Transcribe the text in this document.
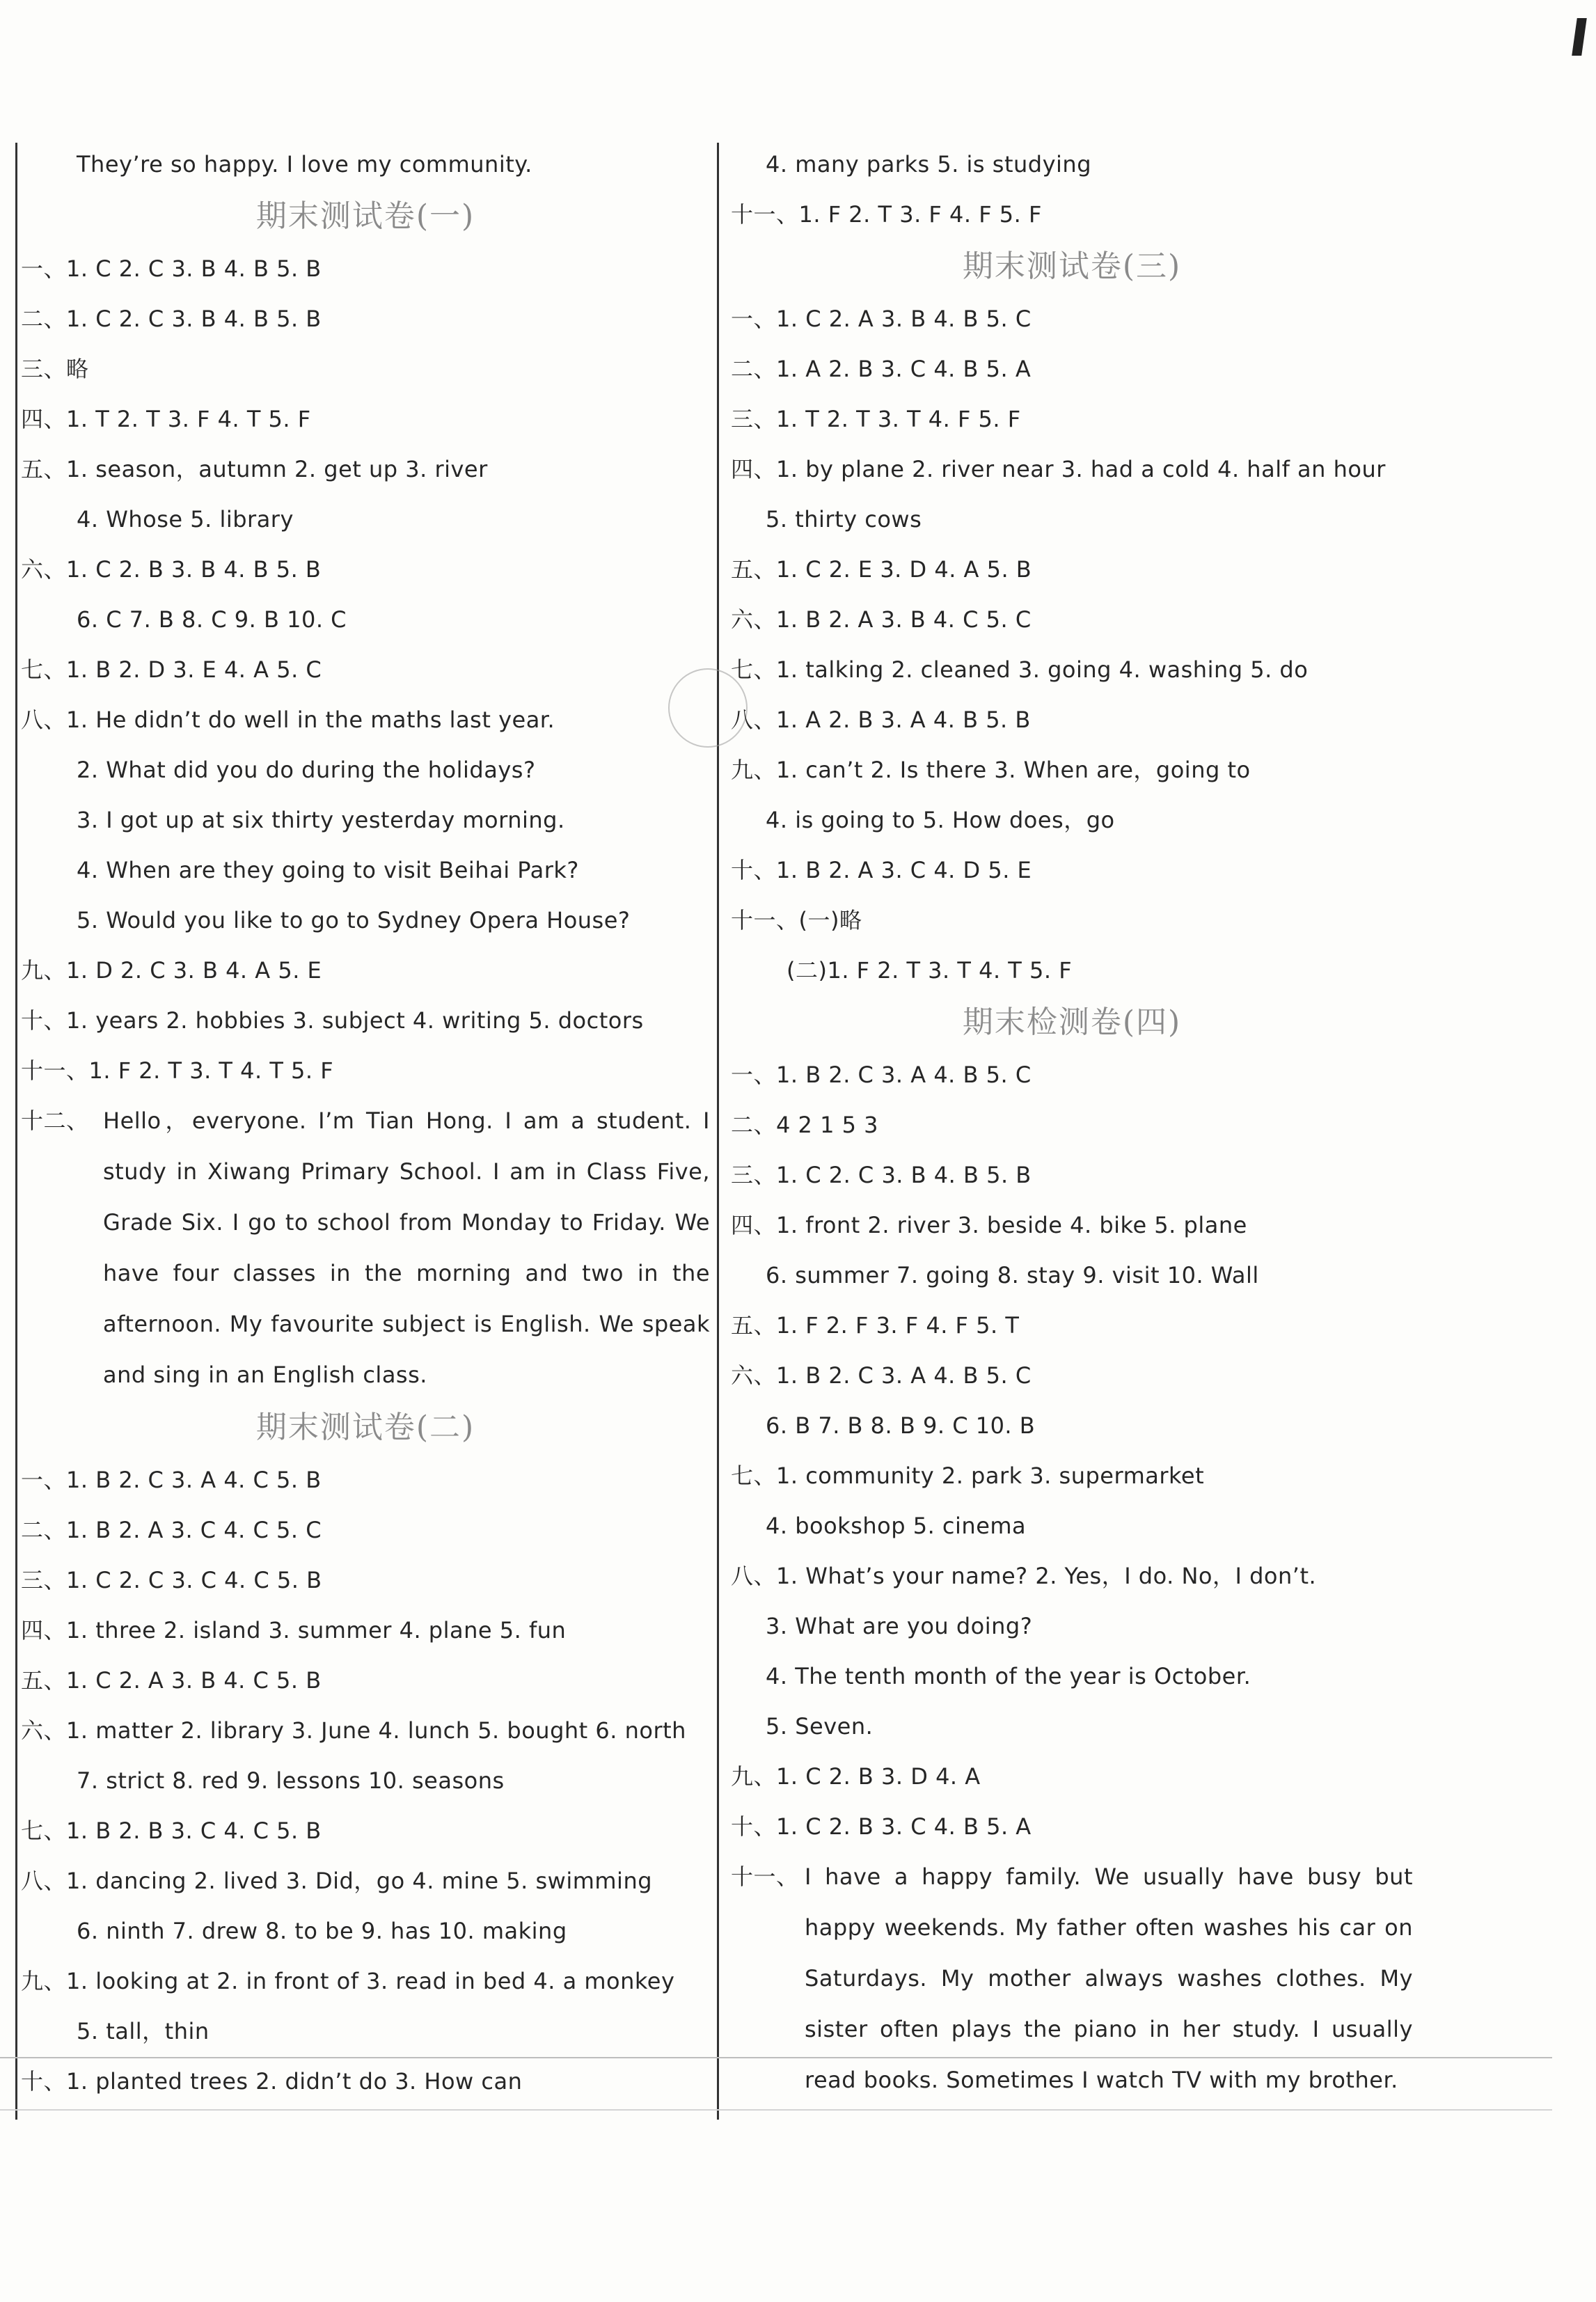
They’re so happy. I love my community.
期末测试卷(一)
一、1. C 2. C 3. B 4. B 5. B
二、1. C 2. C 3. B 4. B 5. B
三、略
四、1. T 2. T 3. F 4. T 5. F
五、1. season，autumn 2. get up 3. river
4. Whose 5. library
六、1. C 2. B 3. B 4. B 5. B
6. C 7. B 8. C 9. B 10. C
七、1. B 2. D 3. E 4. A 5. C
八、1. He didn’t do well in the maths last year.
2. What did you do during the holidays?
3. I got up at six thirty yesterday morning.
4. When are they going to visit Beihai Park?
5. Would you like to go to Sydney Opera House?
九、1. D 2. C 3. B 4. A 5. E
十、1. years 2. hobbies 3. subject 4. writing 5. doctors
十一、1. F 2. T 3. T 4. T 5. F
十二、 Hello，everyone. I’m Tian Hong. I am a student. I study in Xiwang Primary School. I am in Class Five, Grade Six. I go to school from Monday to Friday. We have four classes in the morning and two in the afternoon. My favourite subject is English. We speak and sing in an English class.
期末测试卷(二)
一、1. B 2. C 3. A 4. C 5. B
二、1. B 2. A 3. C 4. C 5. C
三、1. C 2. C 3. C 4. C 5. B
四、1. three 2. island 3. summer 4. plane 5. fun
五、1. C 2. A 3. B 4. C 5. B
六、1. matter 2. library 3. June 4. lunch 5. bought 6. north
7. strict 8. red 9. lessons 10. seasons
七、1. B 2. B 3. C 4. C 5. B
八、1. dancing 2. lived 3. Did，go 4. mine 5. swimming
6. ninth 7. drew 8. to be 9. has 10. making
九、1. looking at 2. in front of 3. read in bed 4. a monkey
5. tall，thin
十、1. planted trees 2. didn’t do 3. How can
4. many parks 5. is studying
十一、1. F 2. T 3. F 4. F 5. F
期末测试卷(三)
一、1. C 2. A 3. B 4. B 5. C
二、1. A 2. B 3. C 4. B 5. A
三、1. T 2. T 3. T 4. F 5. F
四、1. by plane 2. river near 3. had a cold 4. half an hour
5. thirty cows
五、1. C 2. E 3. D 4. A 5. B
六、1. B 2. A 3. B 4. C 5. C
七、1. talking 2. cleaned 3. going 4. washing 5. do
八、1. A 2. B 3. A 4. B 5. B
九、1. can’t 2. Is there 3. When are，going to
4. is going to 5. How does，go
十、1. B 2. A 3. C 4. D 5. E
十一、(一)略
(二)1. F 2. T 3. T 4. T 5. F
期末检测卷(四)
一、1. B 2. C 3. A 4. B 5. C
二、4 2 1 5 3
三、1. C 2. C 3. B 4. B 5. B
四、1. front 2. river 3. beside 4. bike 5. plane
6. summer 7. going 8. stay 9. visit 10. Wall
五、1. F 2. F 3. F 4. F 5. T
六、1. B 2. C 3. A 4. B 5. C
6. B 7. B 8. B 9. C 10. B
七、1. community 2. park 3. supermarket
4. bookshop 5. cinema
八、1. What’s your name? 2. Yes，I do. No，I don’t.
3. What are you doing?
4. The tenth month of the year is October.
5. Seven.
九、1. C 2. B 3. D 4. A
十、1. C 2. B 3. C 4. B 5. A
十一、 I have a happy family. We usually have busy but happy weekends. My father often washes his car on Saturdays. My mother always washes clothes. My sister often plays the piano in her study. I usually read books. Sometimes I watch TV with my brother.
